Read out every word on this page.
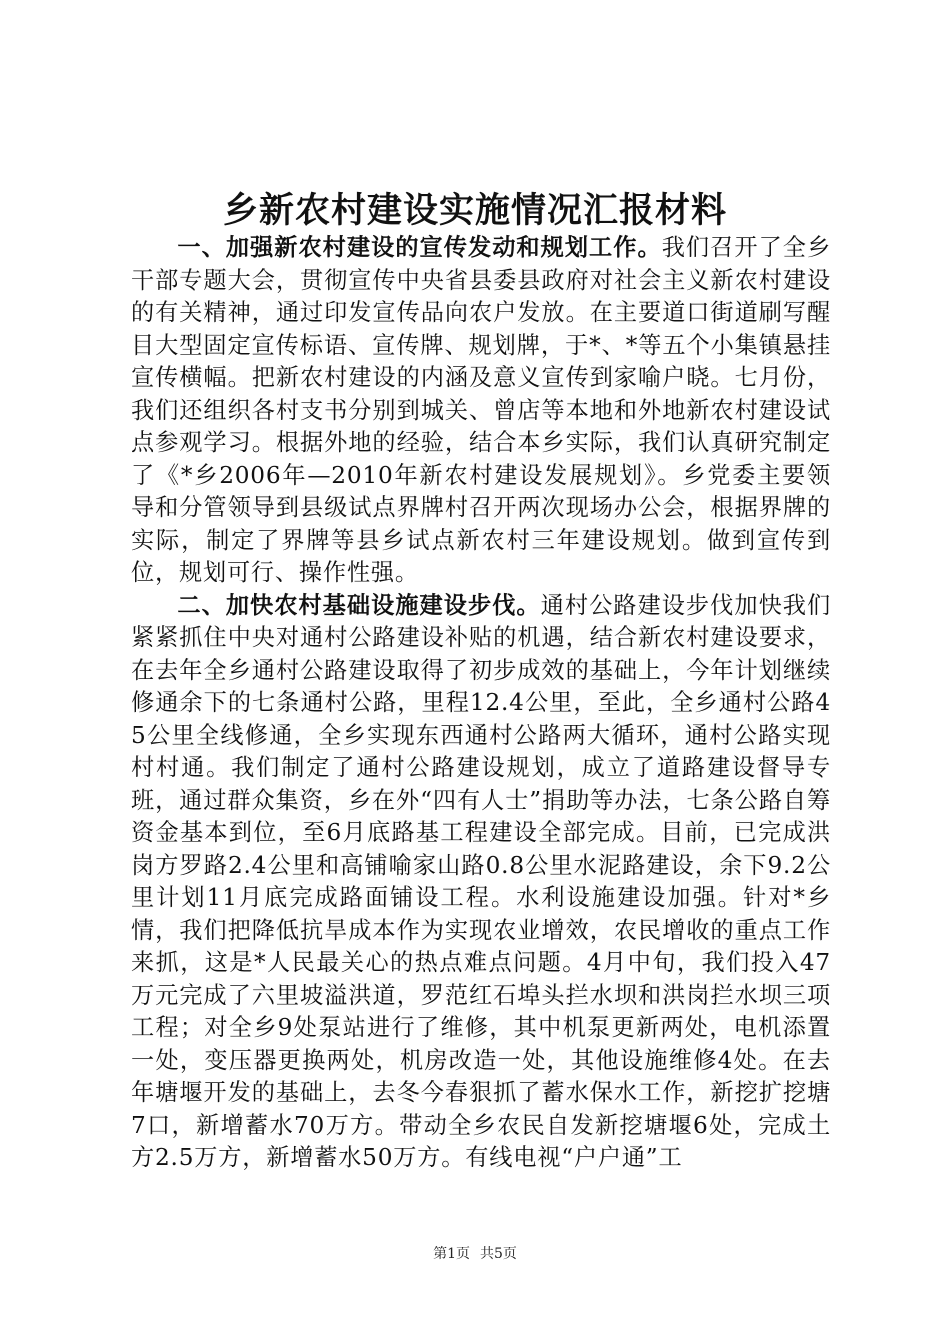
乡新农村建设实施情况汇报材料

一、加强新农村建设的宣传发动和规划工作。我们召开了全乡干部专题大会，贯彻宣传中央省县委县政府对社会主义新农村建设的有关精神，通过印发宣传品向农户发放。在主要道口街道刷写醒目大型固定宣传标语、宣传牌、规划牌，于*、*等五个小集镇悬挂宣传横幅。把新农村建设的内涵及意义宣传到家喻户晓。七月份，我们还组织各村支书分别到城关、曾店等本地和外地新农村建设试点参观学习。根据外地的经验，结合本乡实际，我们认真研究制定了《*乡2006年—2010年新农村建设发展规划》。乡党委主要领导和分管领导到县级试点界牌村召开两次现场办公会，根据界牌的实际，制定了界牌等县乡试点新农村三年建设规划。做到宣传到位，规划可行、操作性强。

二、加快农村基础设施建设步伐。通村公路建设步伐加快我们紧紧抓住中央对通村公路建设补贴的机遇，结合新农村建设要求，在去年全乡通村公路建设取得了初步成效的基础上，今年计划继续修通余下的七条通村公路，里程12.4公里，至此，全乡通村公路45公里全线修通，全乡实现东西通村公路两大循环，通村公路实现村村通。我们制定了通村公路建设规划，成立了道路建设督导专班，通过群众集资，乡在外“四有人士”捐助等办法，七条公路自筹资金基本到位，至6月底路基工程建设全部完成。目前，已完成洪岗方罗路2.4公里和高铺喻家山路0.8公里水泥路建设，余下9.2公里计划11月底完成路面铺设工程。水利设施建设加强。针对*乡情，我们把降低抗旱成本作为实现农业增效，农民增收的重点工作来抓，这是*人民最关心的热点难点问题。4月中旬，我们投入47万元完成了六里坡溢洪道，罗范红石埠头拦水坝和洪岗拦水坝三项工程；对全乡9处泵站进行了维修，其中机泵更新两处，电机添置一处，变压器更换两处，机房改造一处，其他设施维修4处。在去年塘堰开发的基础上，去冬今春狠抓了蓄水保水工作，新挖扩挖塘7口，新增蓄水70万方。带动全乡农民自发新挖塘堰6处，完成土方2.5万方，新增蓄水50万方。有线电视“户户通”工

第1页 共5页
